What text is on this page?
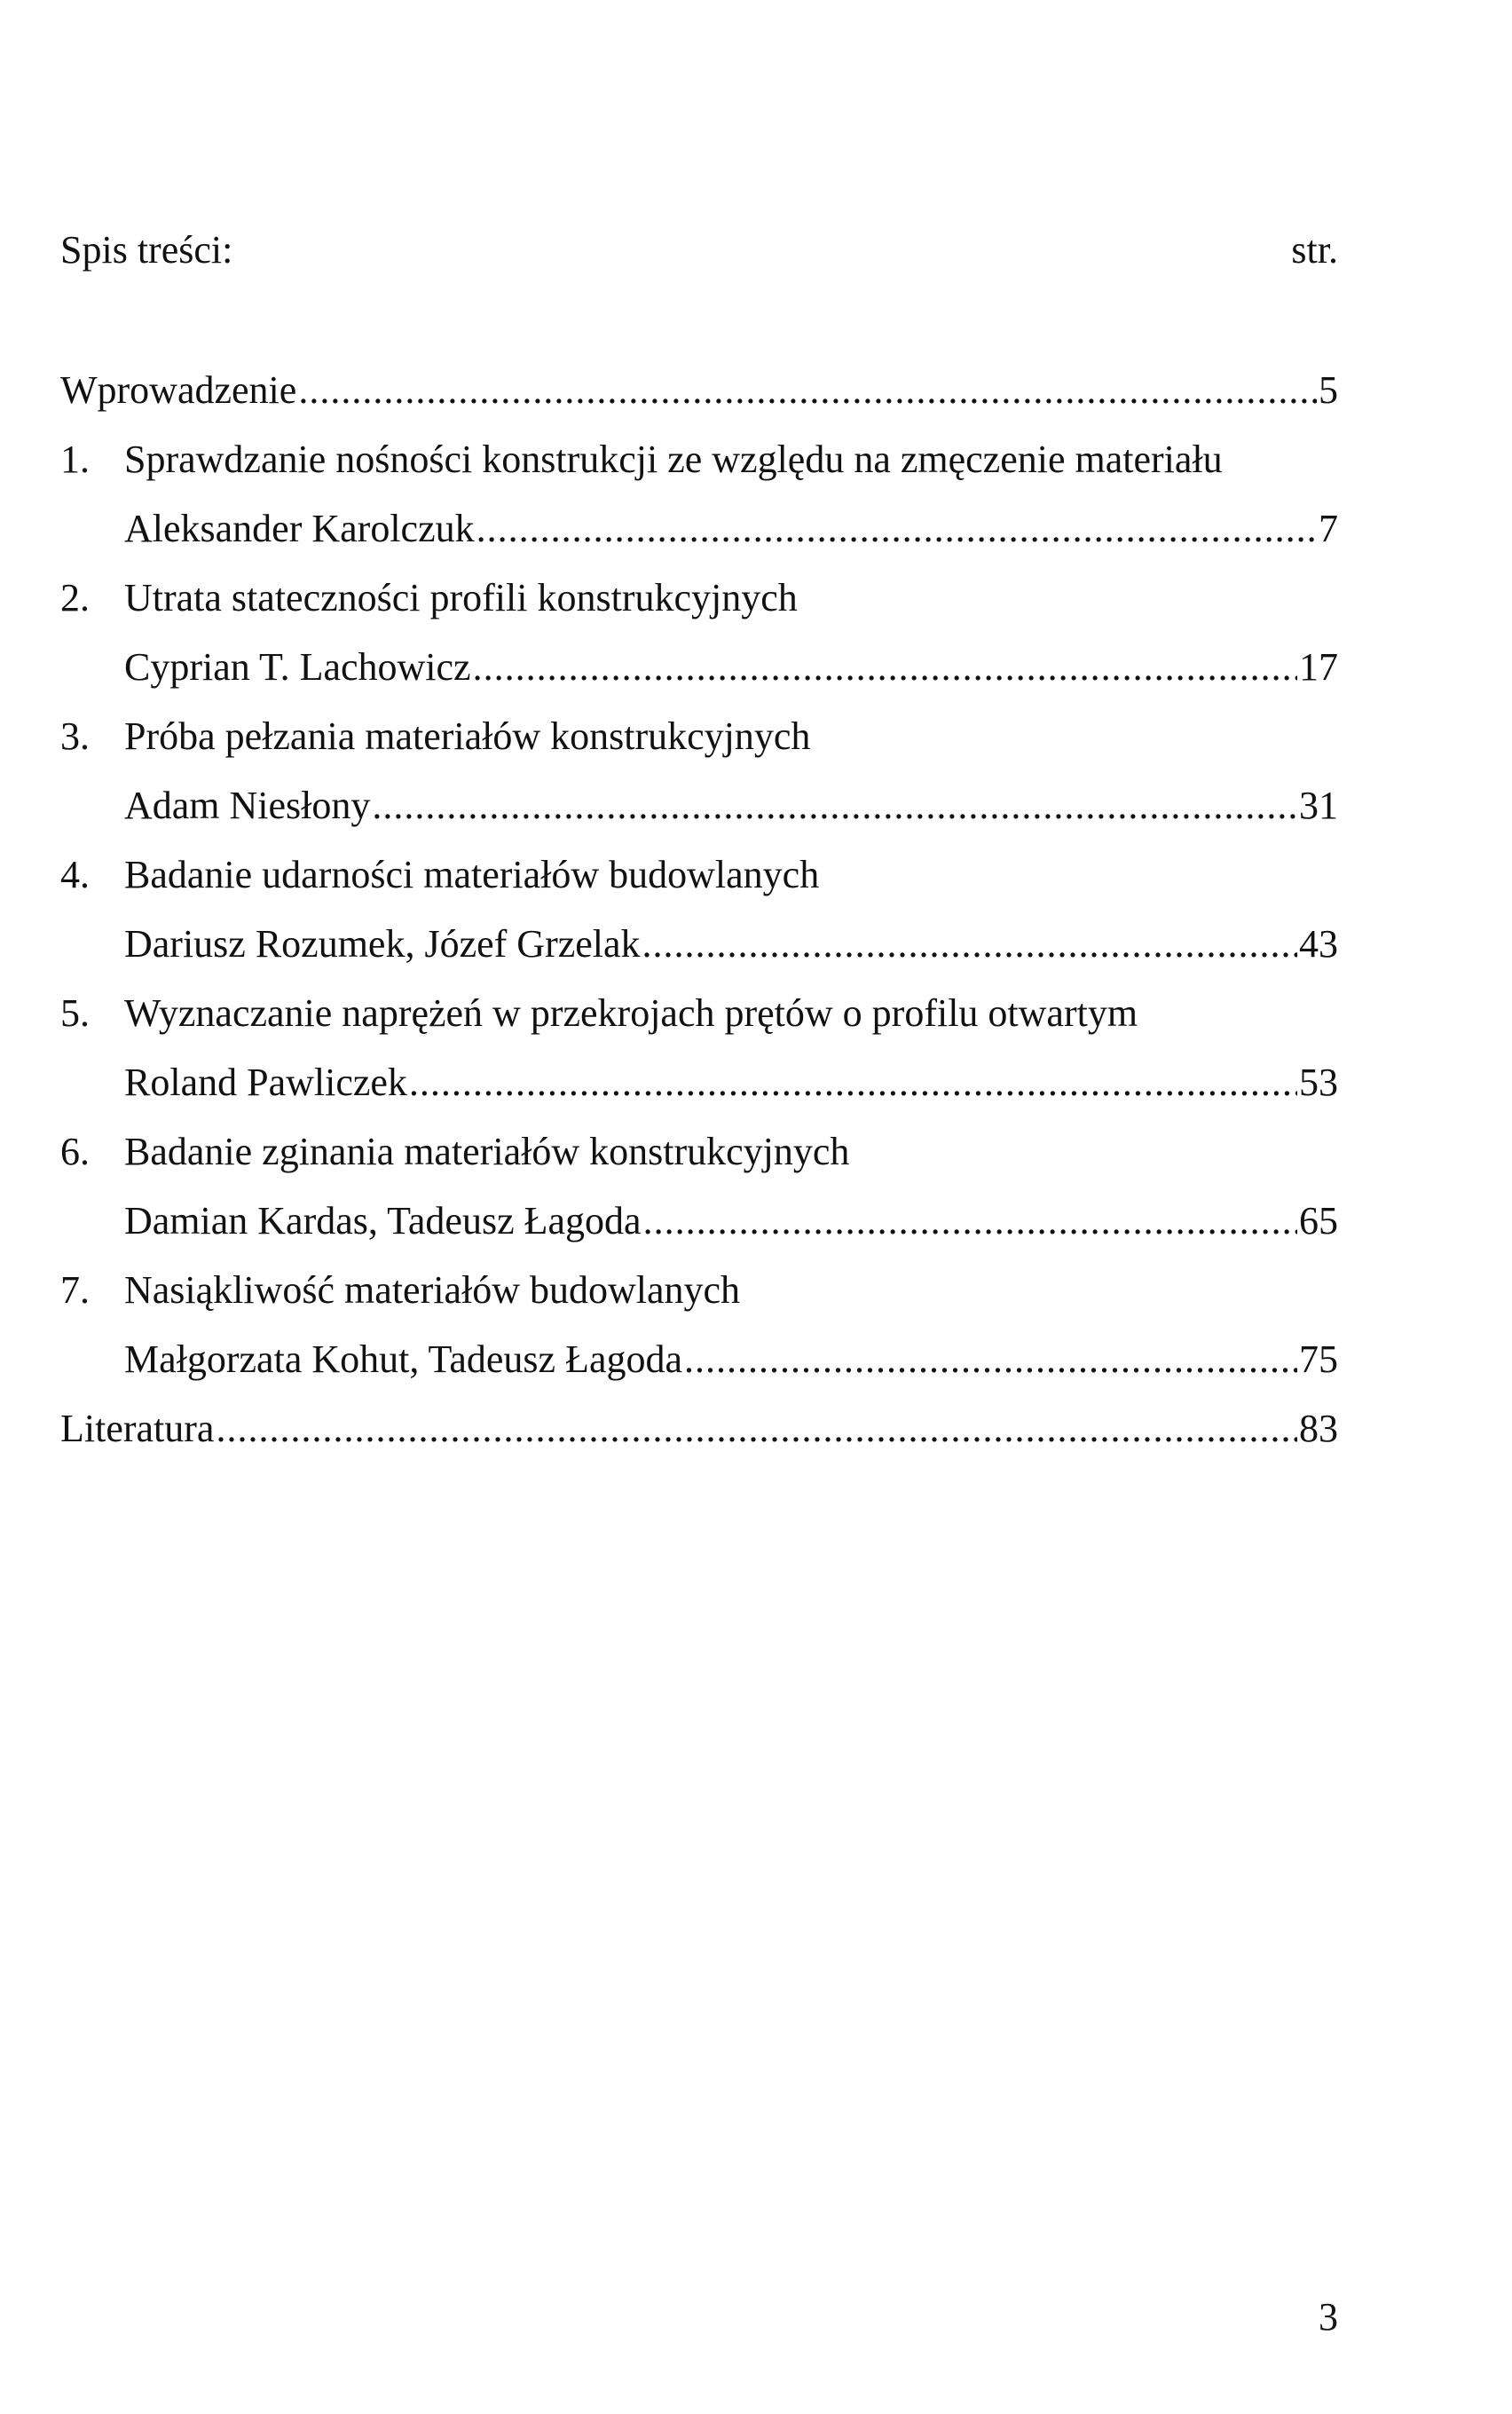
Spis treści:	str.
Wprowadzenie .....	5
1. Sprawdzanie nośności konstrukcji ze względu na zmęczenie materiału
Aleksander Karolczuk .....	7
2. Utrata stateczności profili konstrukcyjnych
Cyprian T. Lachowicz .....	17
3. Próba pełzania materiałów konstrukcyjnych
Adam Niesłony .....	31
4. Badanie udarności materiałów budowlanych
Dariusz Rozumek, Józef Grzelak .....	43
5. Wyznaczanie naprężeń w przekrojach prętów o profilu otwartym
Roland Pawliczek .....	53
6. Badanie zginania materiałów konstrukcyjnych
Damian Kardas, Tadeusz Łagoda .....	65
7. Nasiąkliwość materiałów budowlanych
Małgorzata Kohut, Tadeusz Łagoda .....	75
Literatura .....	83
3
